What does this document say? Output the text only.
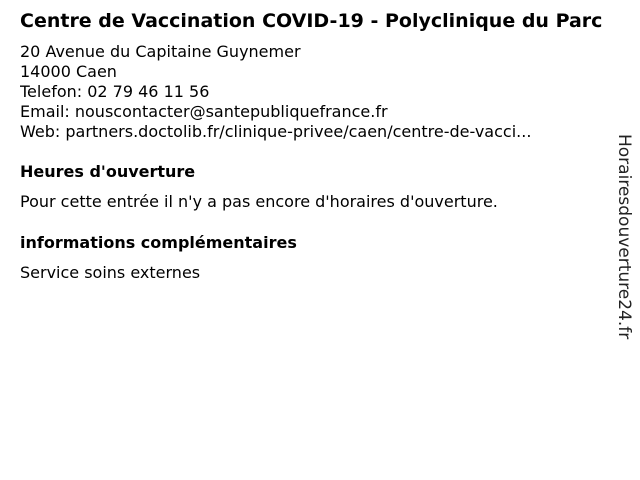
Centre de Vaccination COVID-19 - Polyclinique du Parc
20 Avenue du Capitaine Guynemer
14000 Caen
Telefon: 02 79 46 11 56
Email: nouscontacter@santepubliquefrance.fr
Web: partners.doctolib.fr/clinique-privee/caen/centre-de-vacci...
Heures d'ouverture
Pour cette entrée il n'y a pas encore d'horaires d'ouverture.
informations complémentaires
Service soins externes	Horairesdouverture24.fr
